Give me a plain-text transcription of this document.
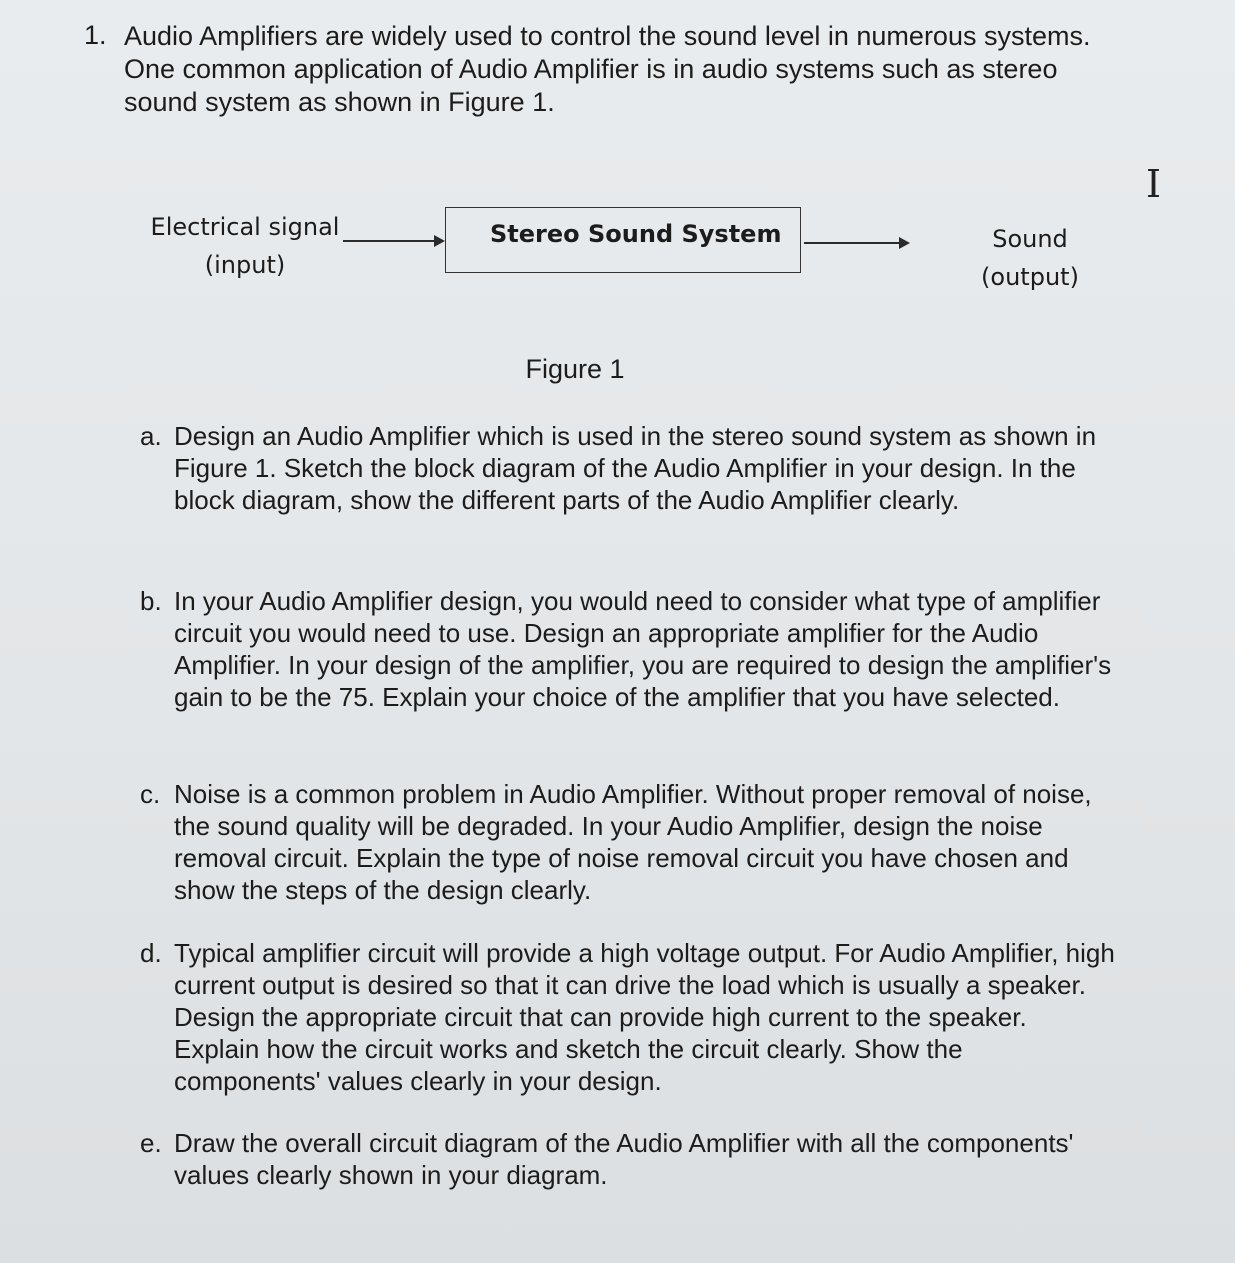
1. Audio Amplifiers are widely used to control the sound level in numerous systems. One common application of Audio Amplifier is in audio systems such as stereo sound system as shown in Figure 1.

Electrical signal
(input)
Stereo Sound System	Sound (output)
Figure 1
a. Design an Audio Amplifier which is used in the stereo sound system as shown in Figure 1. Sketch the block diagram of the Audio Amplifier in your design. In the block diagram, show the different parts of the Audio Amplifier clearly.
b. In your Audio Amplifier design, you would need to consider what type of amplifier circuit you would need to use. Design an appropriate amplifier for the Audio Amplifier. In your design of the amplifier, you are required to design the amplifier's gain to be the 75. Explain your choice of the amplifier that you have selected.
c. Noise is a common problem in Audio Amplifier. Without proper removal of noise, the sound quality will be degraded. In your Audio Amplifier, design the noise removal circuit. Explain the type of noise removal circuit you have chosen and show the steps of the design clearly.
d. Typical amplifier circuit will provide a high voltage output. For Audio Amplifier, high current output is desired so that it can drive the load which is usually a speaker. Design the appropriate circuit that can provide high current to the speaker. Explain how the circuit works and sketch the circuit clearly. Show the components' values clearly in your design.
e. Draw the overall circuit diagram of the Audio Amplifier with all the components' values clearly shown in your diagram.
I
